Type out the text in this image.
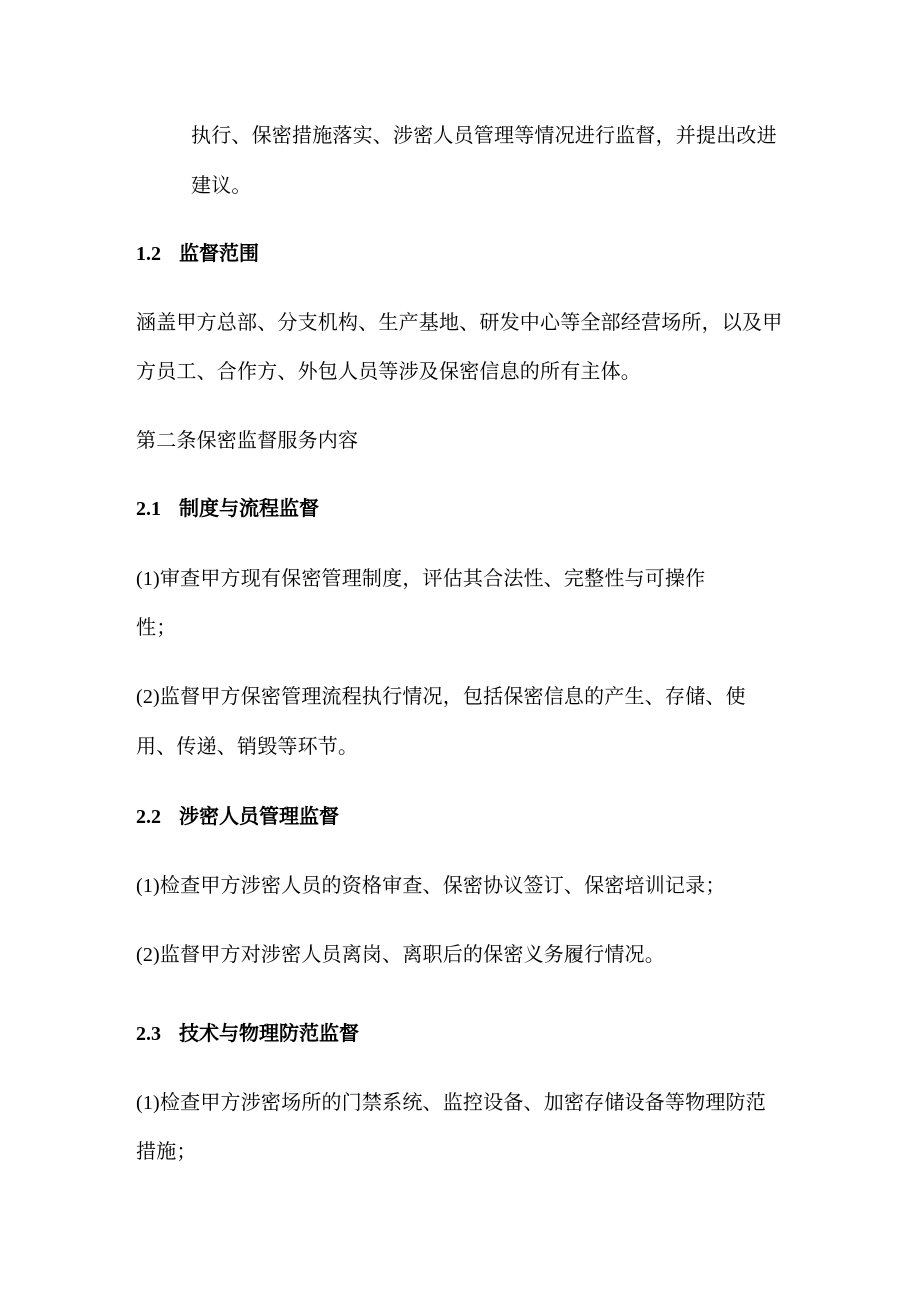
执行、保密措施落实、涉密人员管理等情况进行监督，并提出改进
建议。
1.2 监督范围
涵盖甲方总部、分支机构、生产基地、研发中心等全部经营场所，以及甲
方员工、合作方、外包人员等涉及保密信息的所有主体。
第二条保密监督服务内容
2.1 制度与流程监督
(1)审查甲方现有保密管理制度，评估其合法性、完整性与可操作
性；
(2)监督甲方保密管理流程执行情况，包括保密信息的产生、存储、使
用、传递、销毁等环节。
2.2 涉密人员管理监督
(1)检查甲方涉密人员的资格审查、保密协议签订、保密培训记录；
(2)监督甲方对涉密人员离岗、离职后的保密义务履行情况。
2.3 技术与物理防范监督
(1)检查甲方涉密场所的门禁系统、监控设备、加密存储设备等物理防范
措施；
